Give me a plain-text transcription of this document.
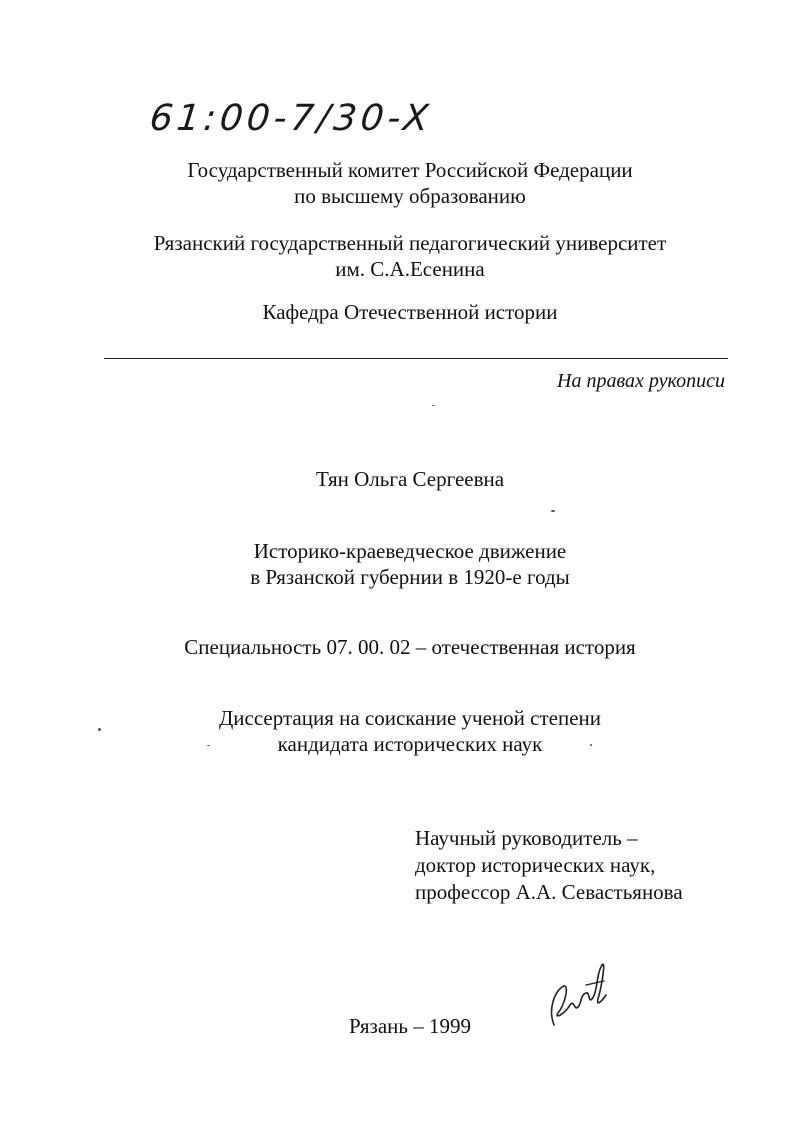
61:00-7/30-X
Государственный комитет Российской Федерации
по высшему образованию
Рязанский государственный педагогический университет
им. С.А.Есенина
Кафедра Отечественной истории
На правах рукописи
Тян Ольга Сергеевна
Историко-краеведческое движение
в Рязанской губернии в 1920-е годы
Специальность 07. 00. 02 – отечественная история
Диссертация на соискание ученой степени
кандидата исторических наук
Научный руководитель –
доктор исторических наук,
профессор А.А. Севастьянова
Рязань – 1999
